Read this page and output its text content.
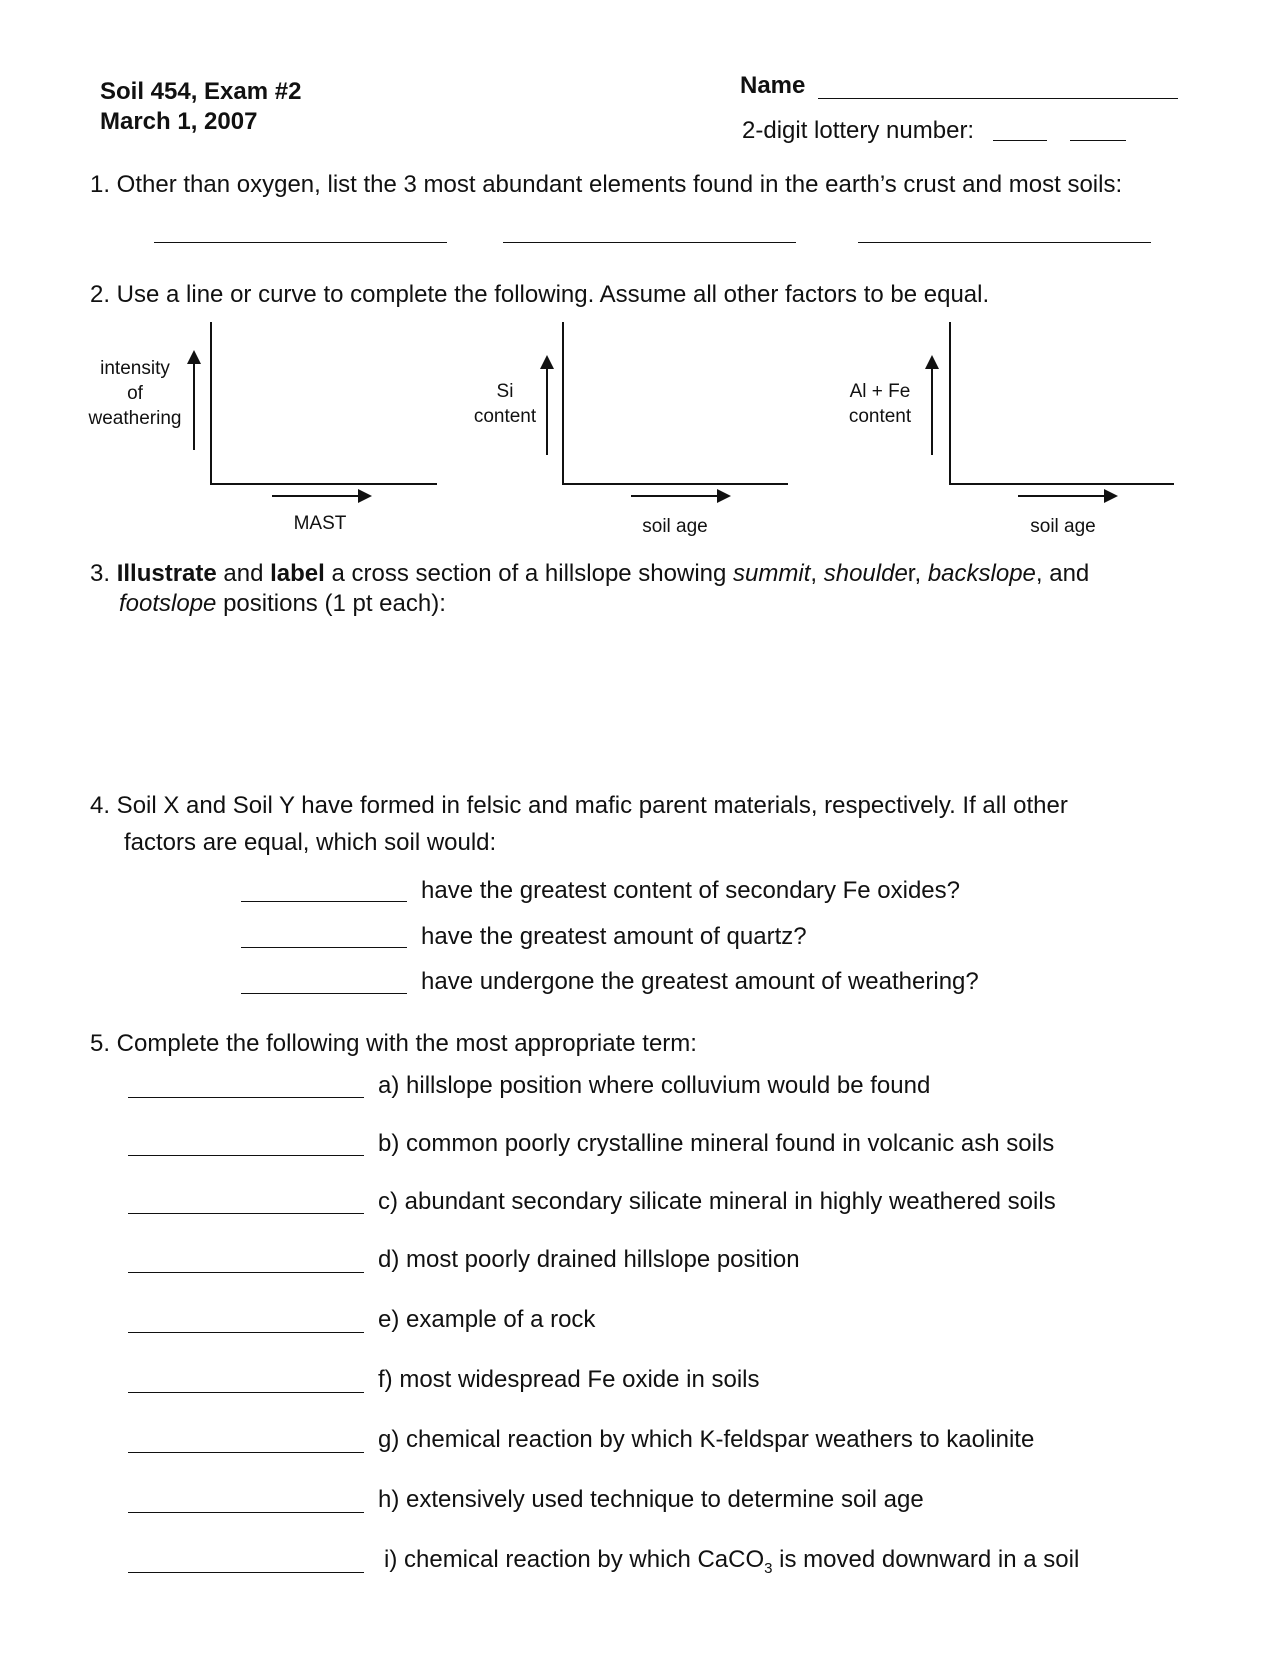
Soil 454, Exam #2
March 1, 2007
Name
2-digit lottery number:
1. Other than oxygen, list the 3 most abundant elements found in the earth’s crust and most soils:
2. Use a line or curve to complete the following. Assume all other factors to be equal.
intensity
of
weathering
MAST
Si
content
soil age
Al + Fe
content
soil age
3. Illustrate and label a cross section of a hillslope showing summit, shoulder, backslope, and
footslope positions (1 pt each):
4. Soil X and Soil Y have formed in felsic and mafic parent materials, respectively. If all other
factors are equal, which soil would:
have the greatest content of secondary Fe oxides?
have the greatest amount of quartz?
have undergone the greatest amount of weathering?
5. Complete the following with the most appropriate term:
a) hillslope position where colluvium would be found
b) common poorly crystalline mineral found in volcanic ash soils
c) abundant secondary silicate mineral in highly weathered soils
d) most poorly drained hillslope position
e) example of a rock
f) most widespread Fe oxide in soils
g) chemical reaction by which K-feldspar weathers to kaolinite
h) extensively used technique to determine soil age
i) chemical reaction by which CaCO$_3$ is moved downward in a soil
